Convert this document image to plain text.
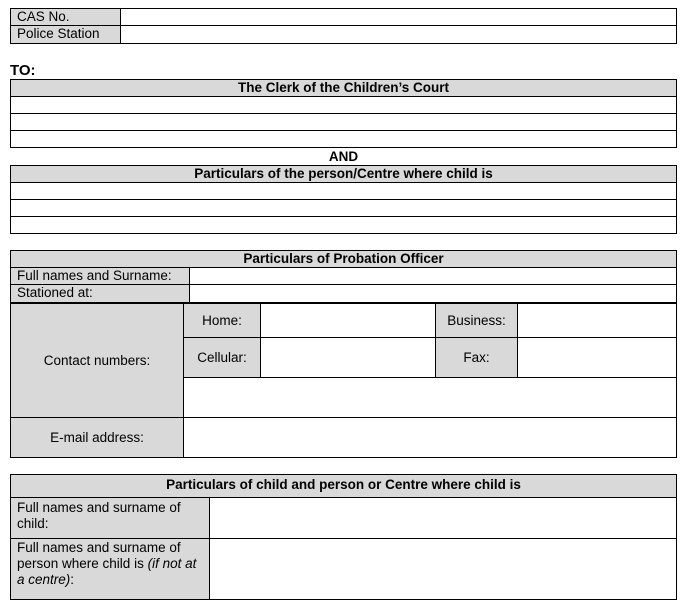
CAS No.
Police Station
TO:
The Clerk of the Children’s Court
AND
Particulars of the person/Centre where child is
Particulars of Probation Officer
Full names and Surname:
Stationed at:
Contact numbers:
Home:	Business:
Cellular:	Fax:
E-mail address:
Particulars of child and person or Centre where child is
Full names and surname of child:
Full names and surname of person where child is (if not at a centre):
